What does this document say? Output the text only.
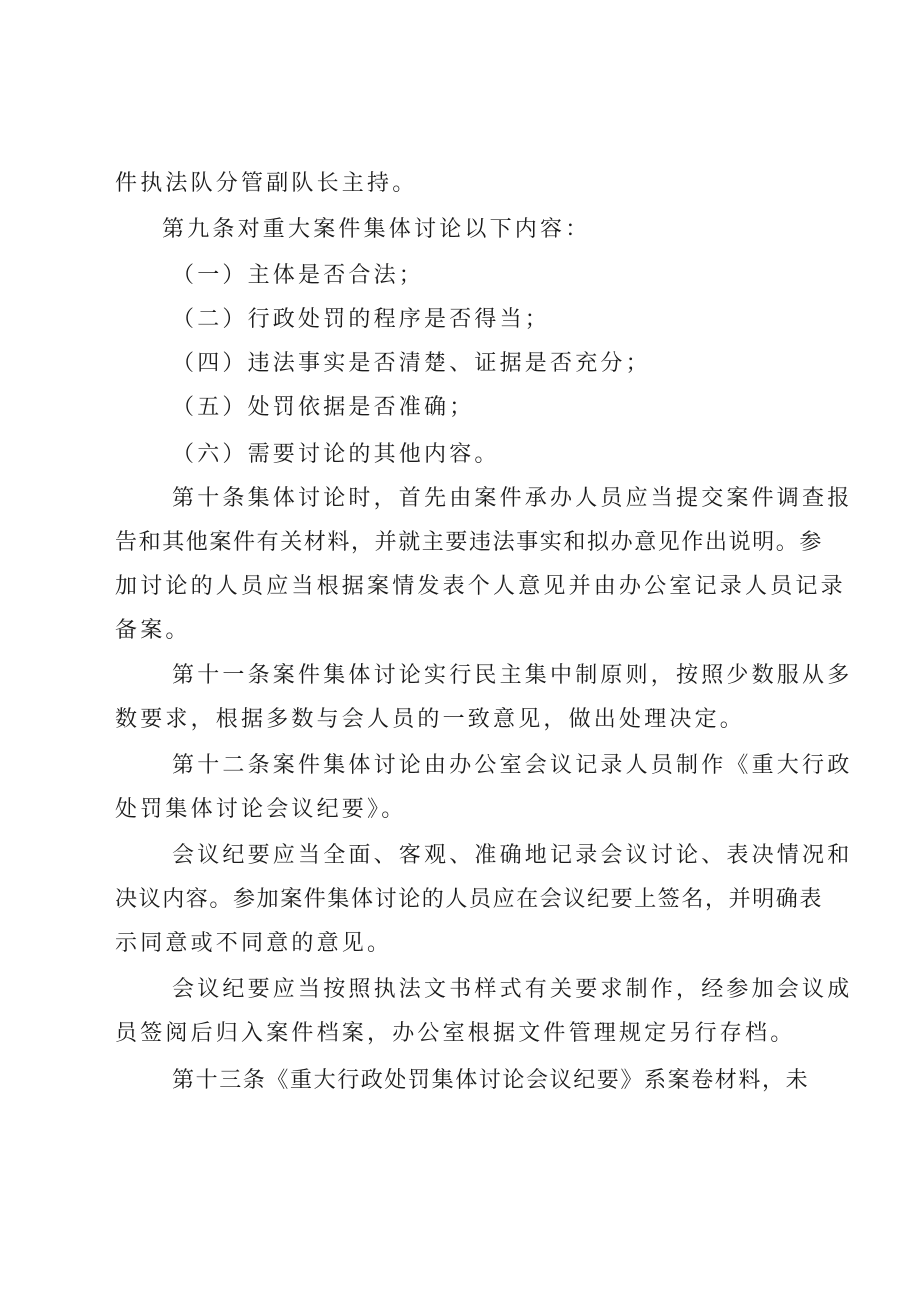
件执法队分管副队长主持。
第九条对重大案件集体讨论以下内容：
（一）主体是否合法；
（二）行政处罚的程序是否得当；
（四）违法事实是否清楚、证据是否充分；
（五）处罚依据是否准确；
（六）需要讨论的其他内容。
第十条集体讨论时，首先由案件承办人员应当提交案件调查报
告和其他案件有关材料，并就主要违法事实和拟办意见作出说明。参
加讨论的人员应当根据案情发表个人意见并由办公室记录人员记录
备案。
第十一条案件集体讨论实行民主集中制原则，按照少数服从多
数要求，根据多数与会人员的一致意见，做出处理决定。
第十二条案件集体讨论由办公室会议记录人员制作《重大行政
处罚集体讨论会议纪要》。
会议纪要应当全面、客观、准确地记录会议讨论、表决情况和
决议内容。参加案件集体讨论的人员应在会议纪要上签名，并明确表
示同意或不同意的意见。
会议纪要应当按照执法文书样式有关要求制作，经参加会议成
员签阅后归入案件档案，办公室根据文件管理规定另行存档。
第十三条《重大行政处罚集体讨论会议纪要》系案卷材料，未
